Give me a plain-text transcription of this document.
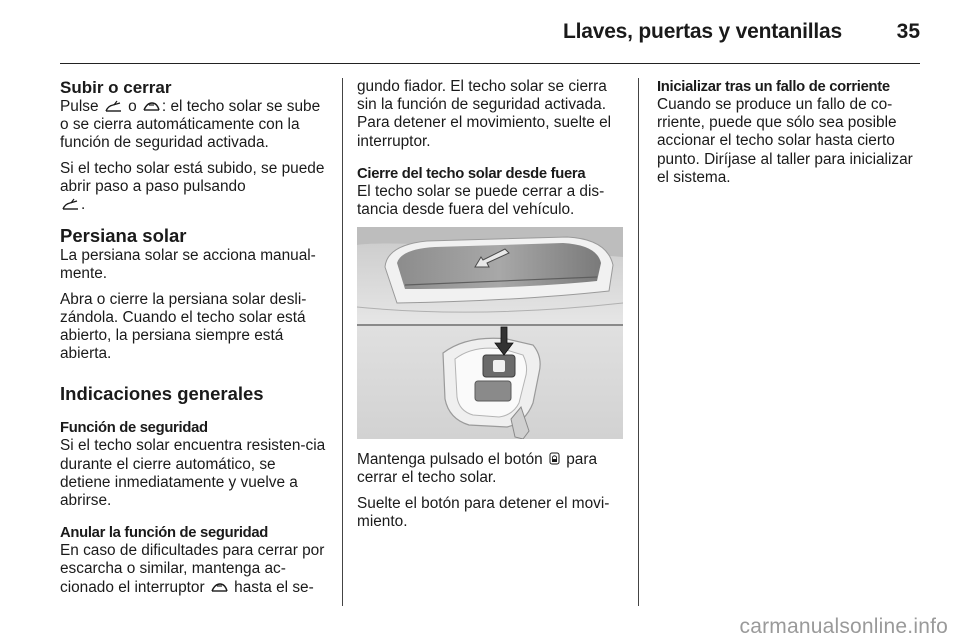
Llaves, puertas y ventanillas	35
Subir o cerrar

Pulse o : el techo solar se sube o se cierra automáticamente con la función de seguridad activada.

Si el techo solar está subido, se puede abrir paso a paso pulsando

.

Persiana solar

La persiana solar se acciona manual-mente.

Abra o cierre la persiana solar desli-zándola. Cuando el techo solar está abierto, la persiana siempre está abierta.

Indicaciones generales
Función de seguridad

Si el techo solar encuentra resisten-cia durante el cierre automático, se detiene inmediatamente y vuelve a abrirse.

Anular la función de seguridad

En caso de dificultades para cerrar por escarcha o similar, mantenga ac-cionado el interruptor hasta el se-

gundo fiador. El techo solar se cierra sin la función de seguridad activada. Para detener el movimiento, suelte el interruptor.

Cierre del techo solar desde fuera

El techo solar se puede cerrar a dis-tancia desde fuera del vehículo.

Mantenga pulsado el botón para cerrar el techo solar.

Suelte el botón para detener el movi-miento.

Inicializar tras un fallo de corriente

Cuando se produce un fallo de co-rriente, puede que sólo sea posible accionar el techo solar hasta cierto punto. Diríjase al taller para inicializar el sistema.

carmanualsonline.info
